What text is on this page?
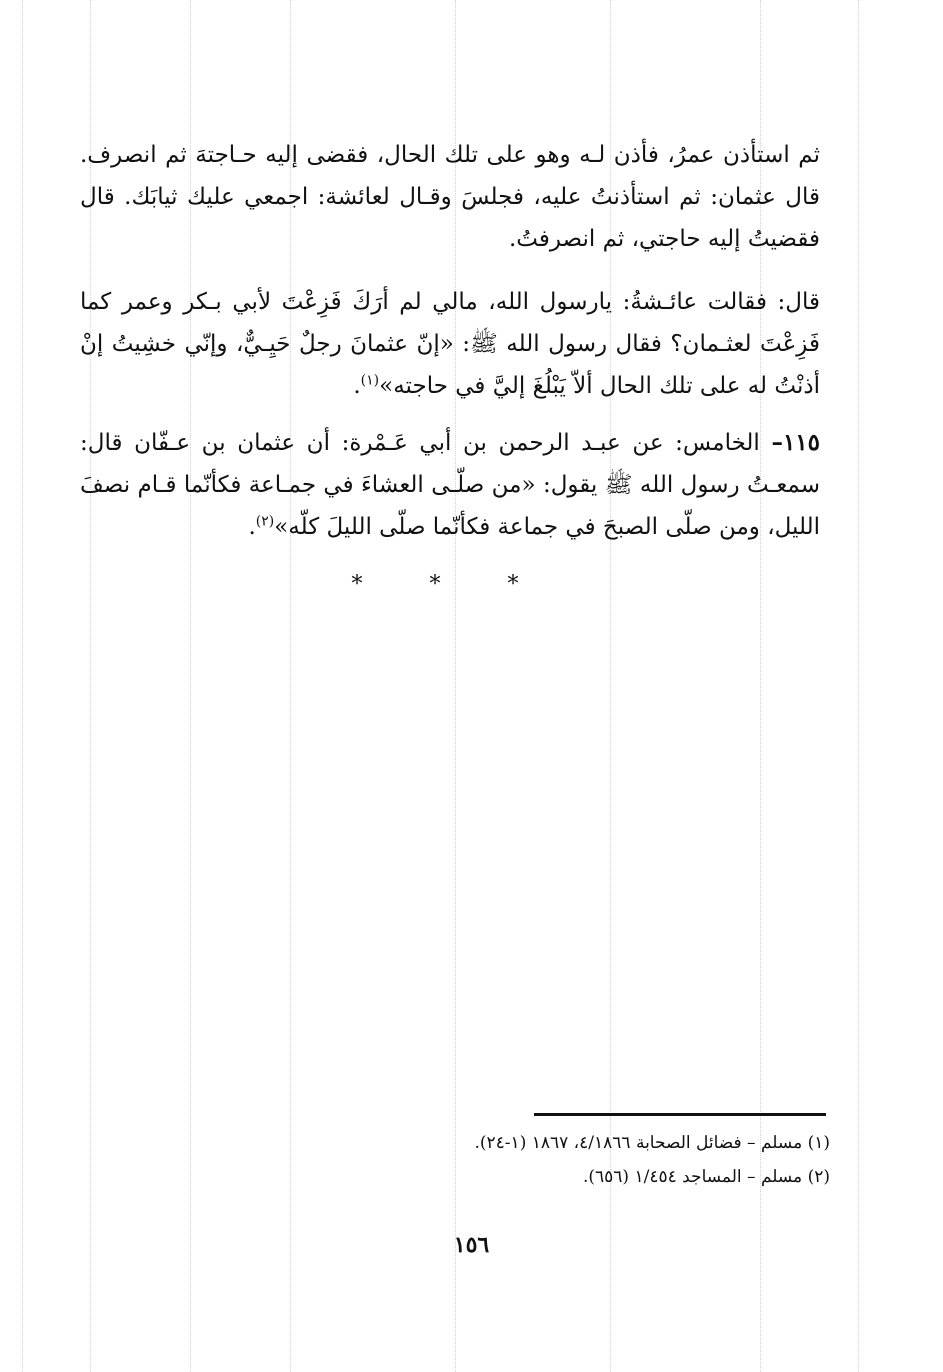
ثم استأذن عمرُ، فأذن لـه وهو على تلك الحال، فقضى إليه حـاجتهَ ثم انصرف. قال عثمان: ثم استأذنتُ عليه، فجلسَ وقـال لعائشة: اجمعي عليك ثيابَك. قال فقضيتُ إليه حاجتي، ثم انصرفتُ.

قال: فقالت عائـشةُ: يارسول الله، مالي لم أرَكَ فَزِعْتَ لأبي بـكر وعمر كما فَزِعْتَ لعثـمان؟ فقال رسول الله ﷺ: «إنّ عثمانَ رجلٌ حَيِـيٌّ، وإنّي خشِيتُ إنْ أذنْتُ له على تلك الحال ألاّ يَبْلُغَ إليَّ في حاجته»$^{(١)}$.

١١٥– الخامس: عن عبـد الرحمن بن أبي عَـمْرة: أن عثمان بن عـفّان قال: سمعـتُ رسول الله ﷺ يقول: «من صلّـى العشاءَ في جمـاعة فكأنّما قـام نصفَ الليل، ومن صلّى الصبحَ في جماعة فكأنّما صلّى الليلَ كلّه»$^{(٢)}$.

* * *
(١) مسلم – فضائل الصحابة ٤/١٨٦٦، ١٨٦٧ (١-٢٤).
(٢) مسلم – المساجد ١/٤٥٤ (٦٥٦).
١٥٦
